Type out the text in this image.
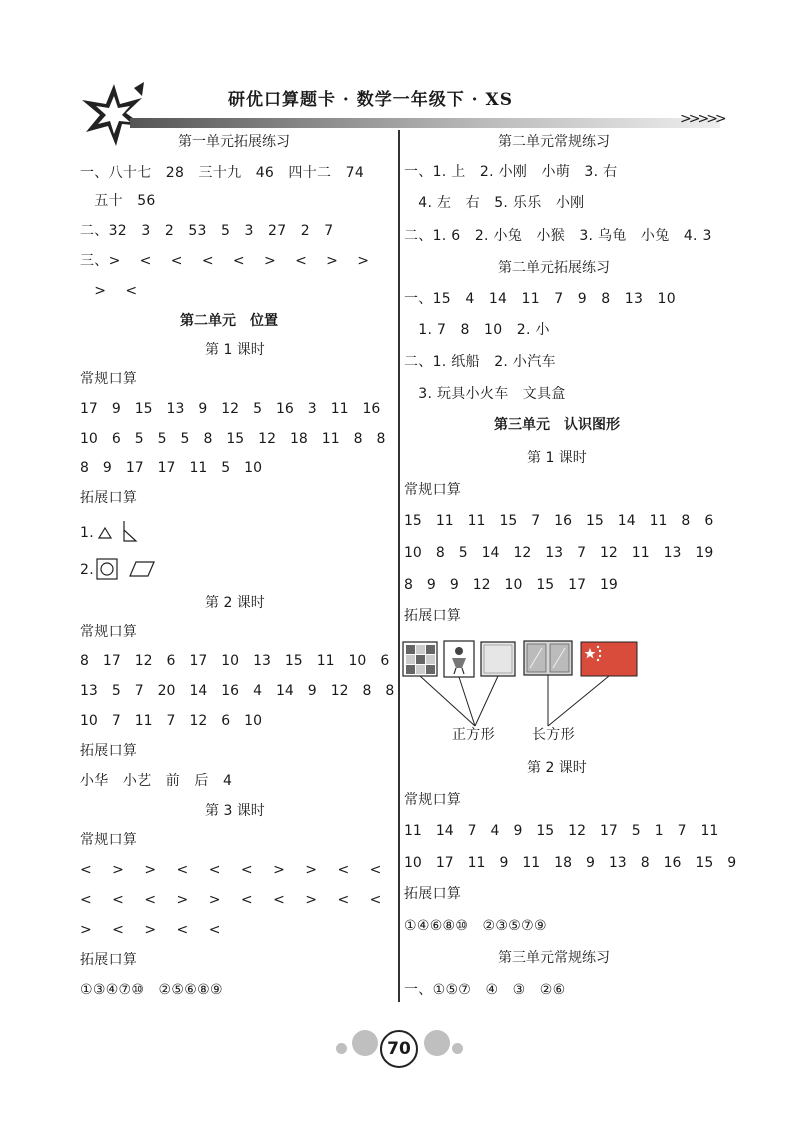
>>>>>
研优口算题卡 · 数学一年级下 · XS
第一单元拓展练习
一、八十七　28　三十九　46　四十二　74
　五十　56
二、32　3　2　53　5　3　27　2　7
三、>　 <　 <　 <　 <　 >　 <　 >　 >
　>　 <
第二单元　位置
第 1 课时
常规口算
17　9　15　13　9　12　5　16　3　11　16
10　6　5　5　5　8　15　12　18　11　8　8
8　9　17　17　11　5　10
拓展口算
1.
2.
第 2 课时
常规口算
8　17　12　6　17　10　13　15　11　10　6
13　5　7　20　14　16　4　14　9　12　8　8
10　7　11　7　12　6　10
拓展口算
小华　小艺　前　后　4
第 3 课时
常规口算
<　 >　 >　 <　 <　 <　 >　 >　 <　 <
<　 <　 <　 >　 >　 <　 <　 >　 <　 <
>　 <　 >　 <　 <
拓展口算
①③④⑦⑩　②⑤⑥⑧⑨
第二单元常规练习
一、1. 上　2. 小刚　小萌　3. 右
　4. 左　右　5. 乐乐　小刚
二、1. 6　2. 小兔　小猴　3. 乌龟　小兔　4. 3
第二单元拓展练习
一、15　4　14　11　7　9　8　13　10
　1. 7　8　10　2. 小
二、1. 纸船　2. 小汽车
　3. 玩具小火车　文具盒
第三单元　认识图形
第 1 课时
常规口算
15　11　11　15　7　16　15　14　11　8　6
10　8　5　14　12　13　7　12　11　13　19
8　9　9　12　10　15　17　19
拓展口算
正方形	长方形
第 2 课时
常规口算
11　14　7　4　9　15　12　17　5　1　7　11
10　17　11　9　11　18　9　13　8　16　15　9
拓展口算
①④⑥⑧⑩　②③⑤⑦⑨
第三单元常规练习
一、①⑤⑦　④　③　②⑥
70
